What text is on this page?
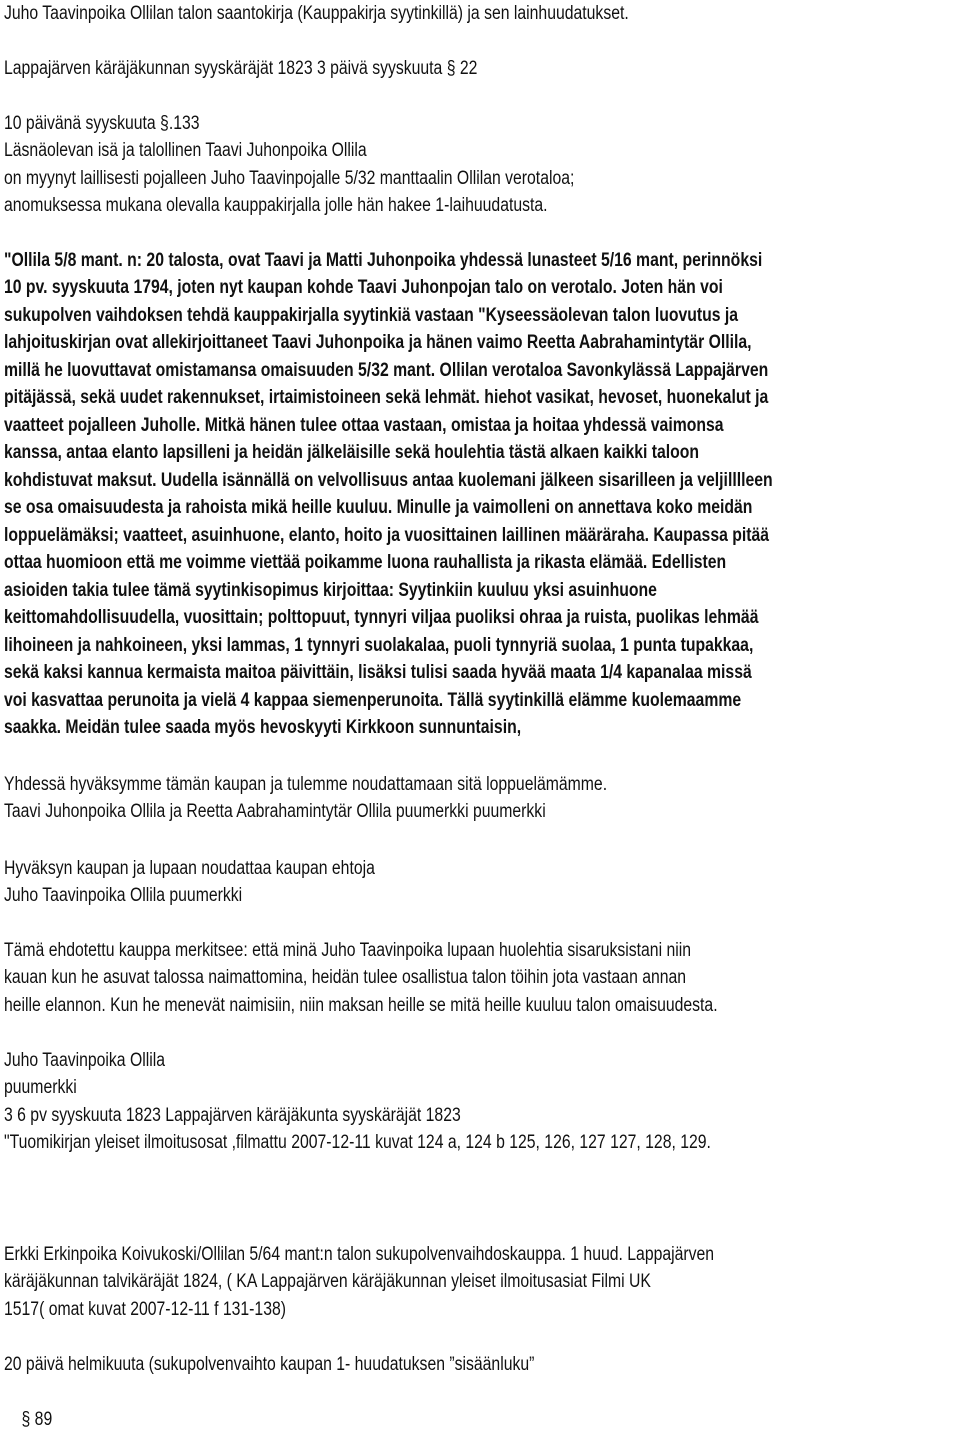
Juho Taavinpoika Ollilan talon saantokirja (Kauppakirja syytinkillä) ja sen lainhuudatukset.
Lappajärven käräjäkunnan syyskäräjät 1823 3 päivä syyskuuta § 22
10 päivänä syyskuuta §.133
Läsnäolevan isä ja talollinen Taavi Juhonpoika Ollila
on myynyt laillisesti pojalleen Juho Taavinpojalle 5/32 manttaalin Ollilan verotaloa;
anomuksessa mukana olevalla kauppakirjalla jolle hän hakee 1-laihuudatusta.
"Ollila 5/8 mant. n: 20 talosta, ovat Taavi ja Matti Juhonpoika yhdessä lunasteet 5/16 mant, perinnöksi
10 pv. syyskuuta 1794, joten nyt kaupan kohde Taavi Juhonpojan talo on verotalo. Joten hän voi
sukupolven vaihdoksen tehdä kauppakirjalla syytinkiä vastaan "Kyseessäolevan talon luovutus ja
lahjoituskirjan ovat allekirjoittaneet Taavi Juhonpoika ja hänen vaimo Reetta Aabrahamintytär Ollila,
millä he luovuttavat omistamansa omaisuuden 5/32 mant. Ollilan verotaloa Savonkylässä Lappajärven
pitäjässä, sekä uudet rakennukset, irtaimistoineen sekä lehmät. hiehot vasikat, hevoset, huonekalut ja
vaatteet pojalleen Juholle. Mitkä hänen tulee ottaa vastaan, omistaa ja hoitaa yhdessä vaimonsa
kanssa, antaa elanto lapsilleni ja heidän jälkeläisille sekä houlehtia tästä alkaen kaikki taloon
kohdistuvat maksut. Uudella isännällä on velvollisuus antaa kuolemani jälkeen sisarilleen ja veljilllleen
se osa omaisuudesta ja rahoista mikä heille kuuluu. Minulle ja vaimolleni on annettava koko meidän
loppuelämäksi; vaatteet, asuinhuone, elanto, hoito ja vuosittainen laillinen määräraha. Kaupassa pitää
ottaa huomioon että me voimme viettää poikamme luona rauhallista ja rikasta elämää. Edellisten
asioiden takia tulee tämä syytinkisopimus kirjoittaa: Syytinkiin kuuluu yksi asuinhuone
keittomahdollisuudella, vuosittain; polttopuut, tynnyri viljaa puoliksi ohraa ja ruista, puolikas lehmää
lihoineen ja nahkoineen, yksi lammas, 1 tynnyri suolakalaa, puoli tynnyriä suolaa, 1 punta tupakkaa,
sekä kaksi kannua kermaista maitoa päivittäin, lisäksi tulisi saada hyvää maata 1/4 kapanalaa missä
voi kasvattaa perunoita ja vielä 4 kappaa siemenperunoita. Tällä syytinkillä elämme kuolemaamme
saakka. Meidän tulee saada myös hevoskyyti Kirkkoon sunnuntaisin,
Yhdessä hyväksymme tämän kaupan ja tulemme noudattamaan sitä loppuelämämme.
Taavi Juhonpoika Ollila ja Reetta Aabrahamintytär Ollila puumerkki puumerkki
Hyväksyn kaupan ja lupaan noudattaa kaupan ehtoja
Juho Taavinpoika Ollila puumerkki
Tämä ehdotettu kauppa merkitsee: että minä Juho Taavinpoika lupaan huolehtia sisaruksistani niin
kauan kun he asuvat talossa naimattomina, heidän tulee osallistua talon töihin jota vastaan annan
heille elannon. Kun he menevät naimisiin, niin maksan heille se mitä heille kuuluu talon omaisuudesta.
Juho Taavinpoika Ollila
puumerkki
3 6 pv syyskuuta 1823 Lappajärven käräjäkunta syyskäräjät 1823
"Tuomikirjan yleiset ilmoitusosat ,filmattu 2007-12-11 kuvat 124 a, 124 b 125, 126, 127 127, 128, 129.
Erkki Erkinpoika Koivukoski/Ollilan 5/64 mant:n talon sukupolvenvaihdoskauppa. 1 huud. Lappajärven
käräjäkunnan talvikäräjät 1824, ( KA Lappajärven käräjäkunnan yleiset ilmoitusasiat Filmi UK
1517( omat kuvat 2007-12-11 f 131-138)
20 päivä helmikuuta (sukupolvenvaihto kaupan 1- huudatuksen ”sisäänluku”
§ 89
